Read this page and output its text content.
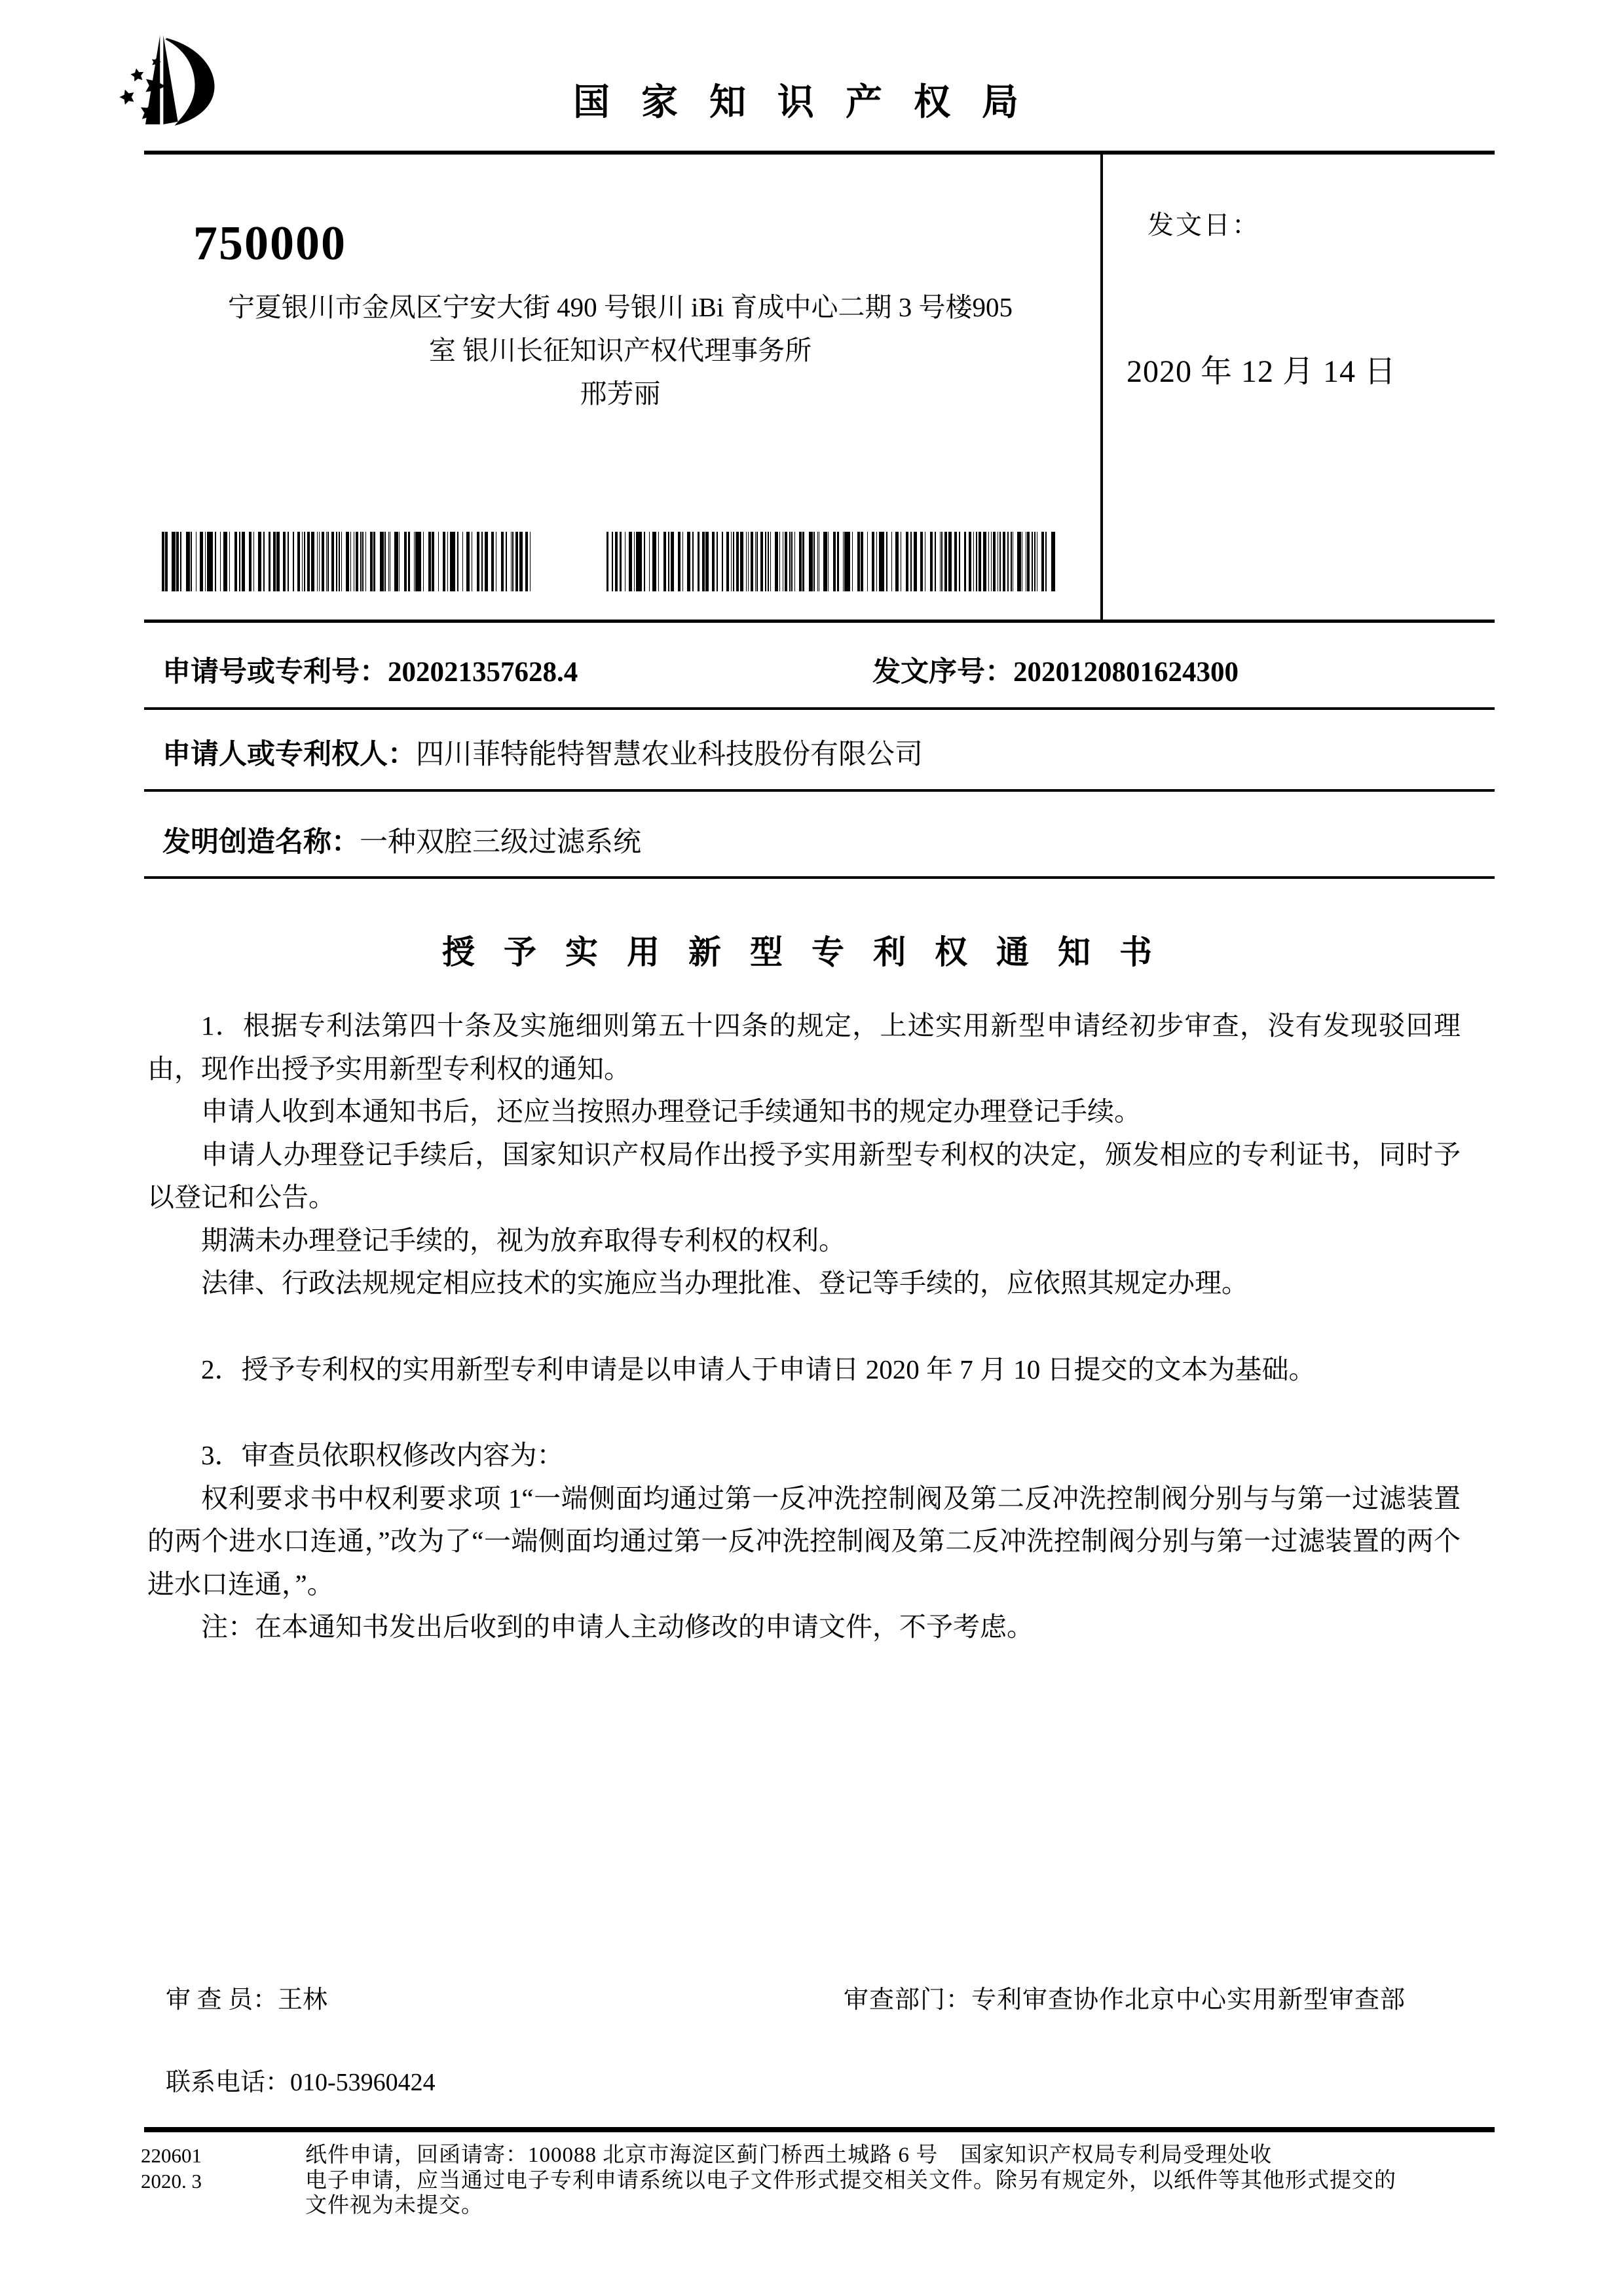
国家知识产权局
750000
宁夏银川市金凤区宁安大街 490 号银川 iBi 育成中心二期 3 号楼905
室 银川长征知识产权代理事务所
邢芳丽
发文日：
2020 年 12 月 14 日
申请号或专利号：202021357628.4	发文序号：2020120801624300
申请人或专利权人：四川菲特能特智慧农业科技股份有限公司
发明创造名称：一种双腔三级过滤系统
授予实用新型专利权通知书

1．根据专利法第四十条及实施细则第五十四条的规定，上述实用新型申请经初步审查，没有发现驳回理由，现作出授予实用新型专利权的通知。

申请人收到本通知书后，还应当按照办理登记手续通知书的规定办理登记手续。

申请人办理登记手续后，国家知识产权局作出授予实用新型专利权的决定，颁发相应的专利证书，同时予以登记和公告。

期满未办理登记手续的，视为放弃取得专利权的权利。

法律、行政法规规定相应技术的实施应当办理批准、登记等手续的，应依照其规定办理。

2．授予专利权的实用新型专利申请是以申请人于申请日 2020 年 7 月 10 日提交的文本为基础。

3．审查员依职权修改内容为：

权利要求书中权利要求项 1“一端侧面均通过第一反冲洗控制阀及第二反冲洗控制阀分别与与第一过滤装置的两个进水口连通，”改为了“一端侧面均通过第一反冲洗控制阀及第二反冲洗控制阀分别与第一过滤装置的两个进水口连通，”。

注：在本通知书发出后收到的申请人主动修改的申请文件，不予考虑。

审 查 员：王林	审查部门：专利审查协作北京中心实用新型审查部
联系电话：010-53960424
220601
2020. 3
纸件申请，回函请寄：100088 北京市海淀区蓟门桥西土城路 6 号　国家知识产权局专利局受理处收
电子申请，应当通过电子专利申请系统以电子文件形式提交相关文件。除另有规定外，以纸件等其他形式提交的
文件视为未提交。
